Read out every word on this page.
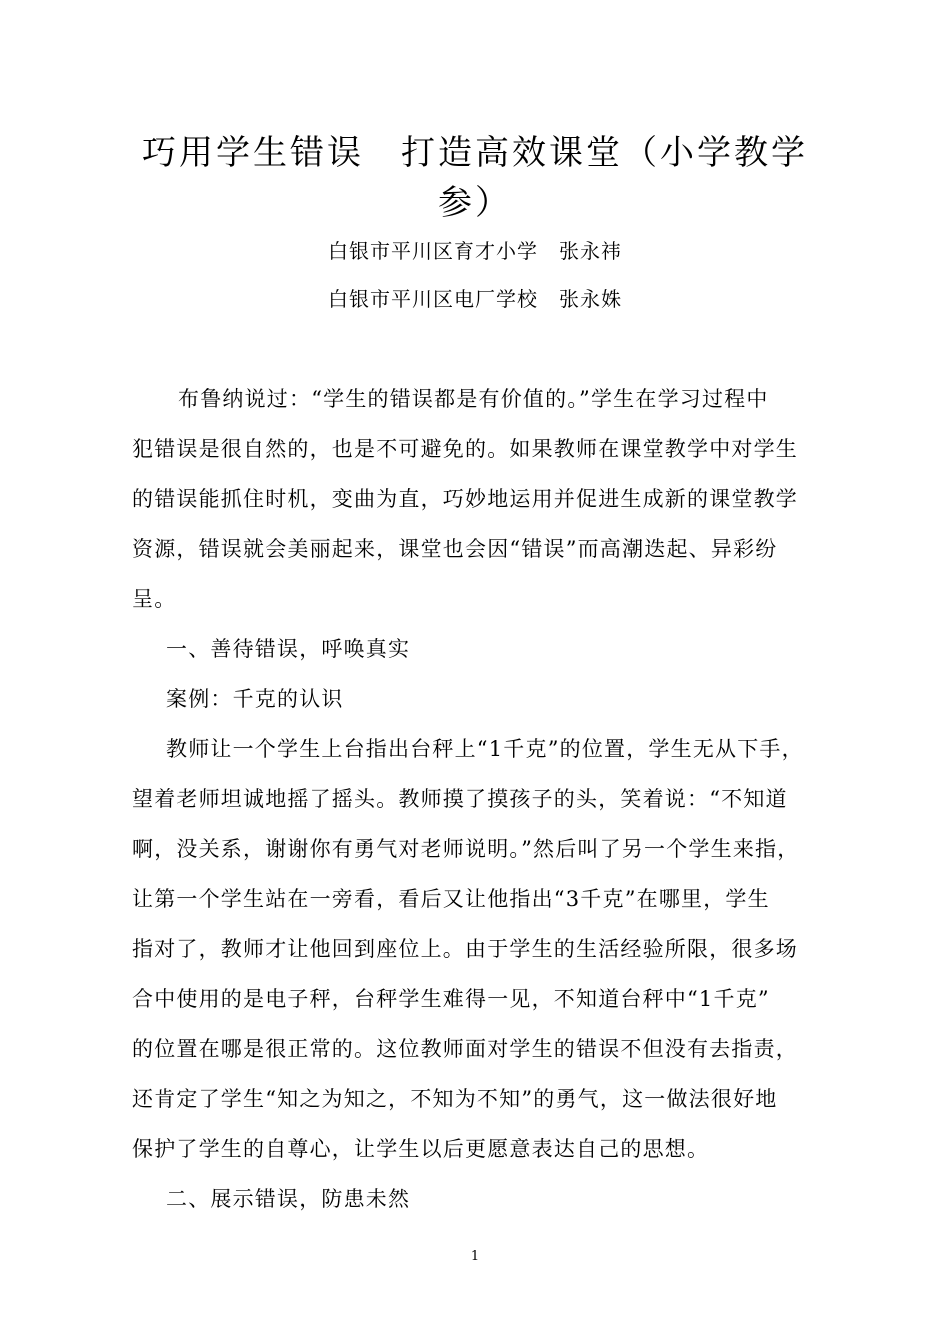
巧用学生错误　打造高效课堂（小学教学
参）
白银市平川区育才小学　张永祎
白银市平川区电厂学校　张永姝
布鲁纳说过：“学生的错误都是有价值的。”学生在学习过程中
犯错误是很自然的，也是不可避免的。如果教师在课堂教学中对学生
的错误能抓住时机，变曲为直，巧妙地运用并促进生成新的课堂教学
资源，错误就会美丽起来，课堂也会因“错误”而高潮迭起、异彩纷
呈。
一、善待错误，呼唤真实
案例：千克的认识
教师让一个学生上台指出台秤上“1千克”的位置，学生无从下手，
望着老师坦诚地摇了摇头。教师摸了摸孩子的头，笑着说：“不知道
啊，没关系，谢谢你有勇气对老师说明。”然后叫了另一个学生来指，
让第一个学生站在一旁看，看后又让他指出“3千克”在哪里，学生
指对了，教师才让他回到座位上。由于学生的生活经验所限，很多场
合中使用的是电子秤，台秤学生难得一见，不知道台秤中“1千克”
的位置在哪是很正常的。这位教师面对学生的错误不但没有去指责，
还肯定了学生“知之为知之，不知为不知”的勇气，这一做法很好地
保护了学生的自尊心，让学生以后更愿意表达自己的思想。
二、展示错误，防患未然
1
